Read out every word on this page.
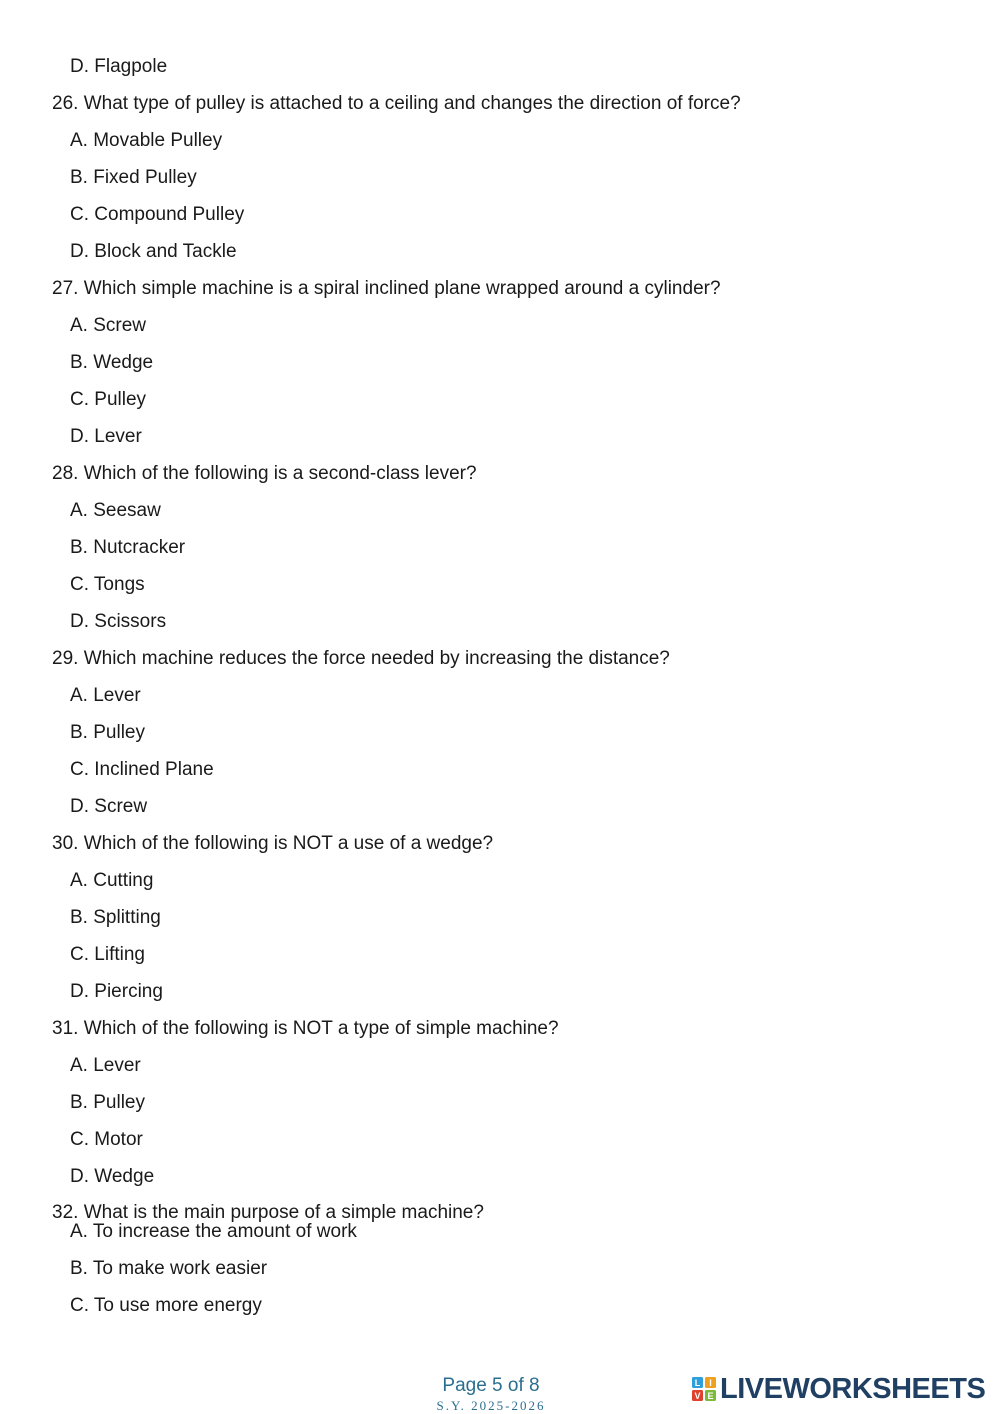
D. Flagpole
26. What type of pulley is attached to a ceiling and changes the direction of force?
A. Movable Pulley
B. Fixed Pulley
C. Compound Pulley
D. Block and Tackle
27. Which simple machine is a spiral inclined plane wrapped around a cylinder?
A. Screw
B. Wedge
C. Pulley
D. Lever
28. Which of the following is a second-class lever?
A. Seesaw
B. Nutcracker
C. Tongs
D. Scissors
29. Which machine reduces the force needed by increasing the distance?
A. Lever
B. Pulley
C. Inclined Plane
D. Screw
30. Which of the following is NOT a use of a wedge?
A. Cutting
B. Splitting
C. Lifting
D. Piercing
31. Which of the following is NOT a type of simple machine?
A. Lever
B. Pulley
C. Motor
D. Wedge
32. What is the main purpose of a simple machine?
A. To increase the amount of work
B. To make work easier
C. To use more energy
Page 5 of 8
S.Y. 2025-2026
L I
V E LIVEWORKSHEETS
